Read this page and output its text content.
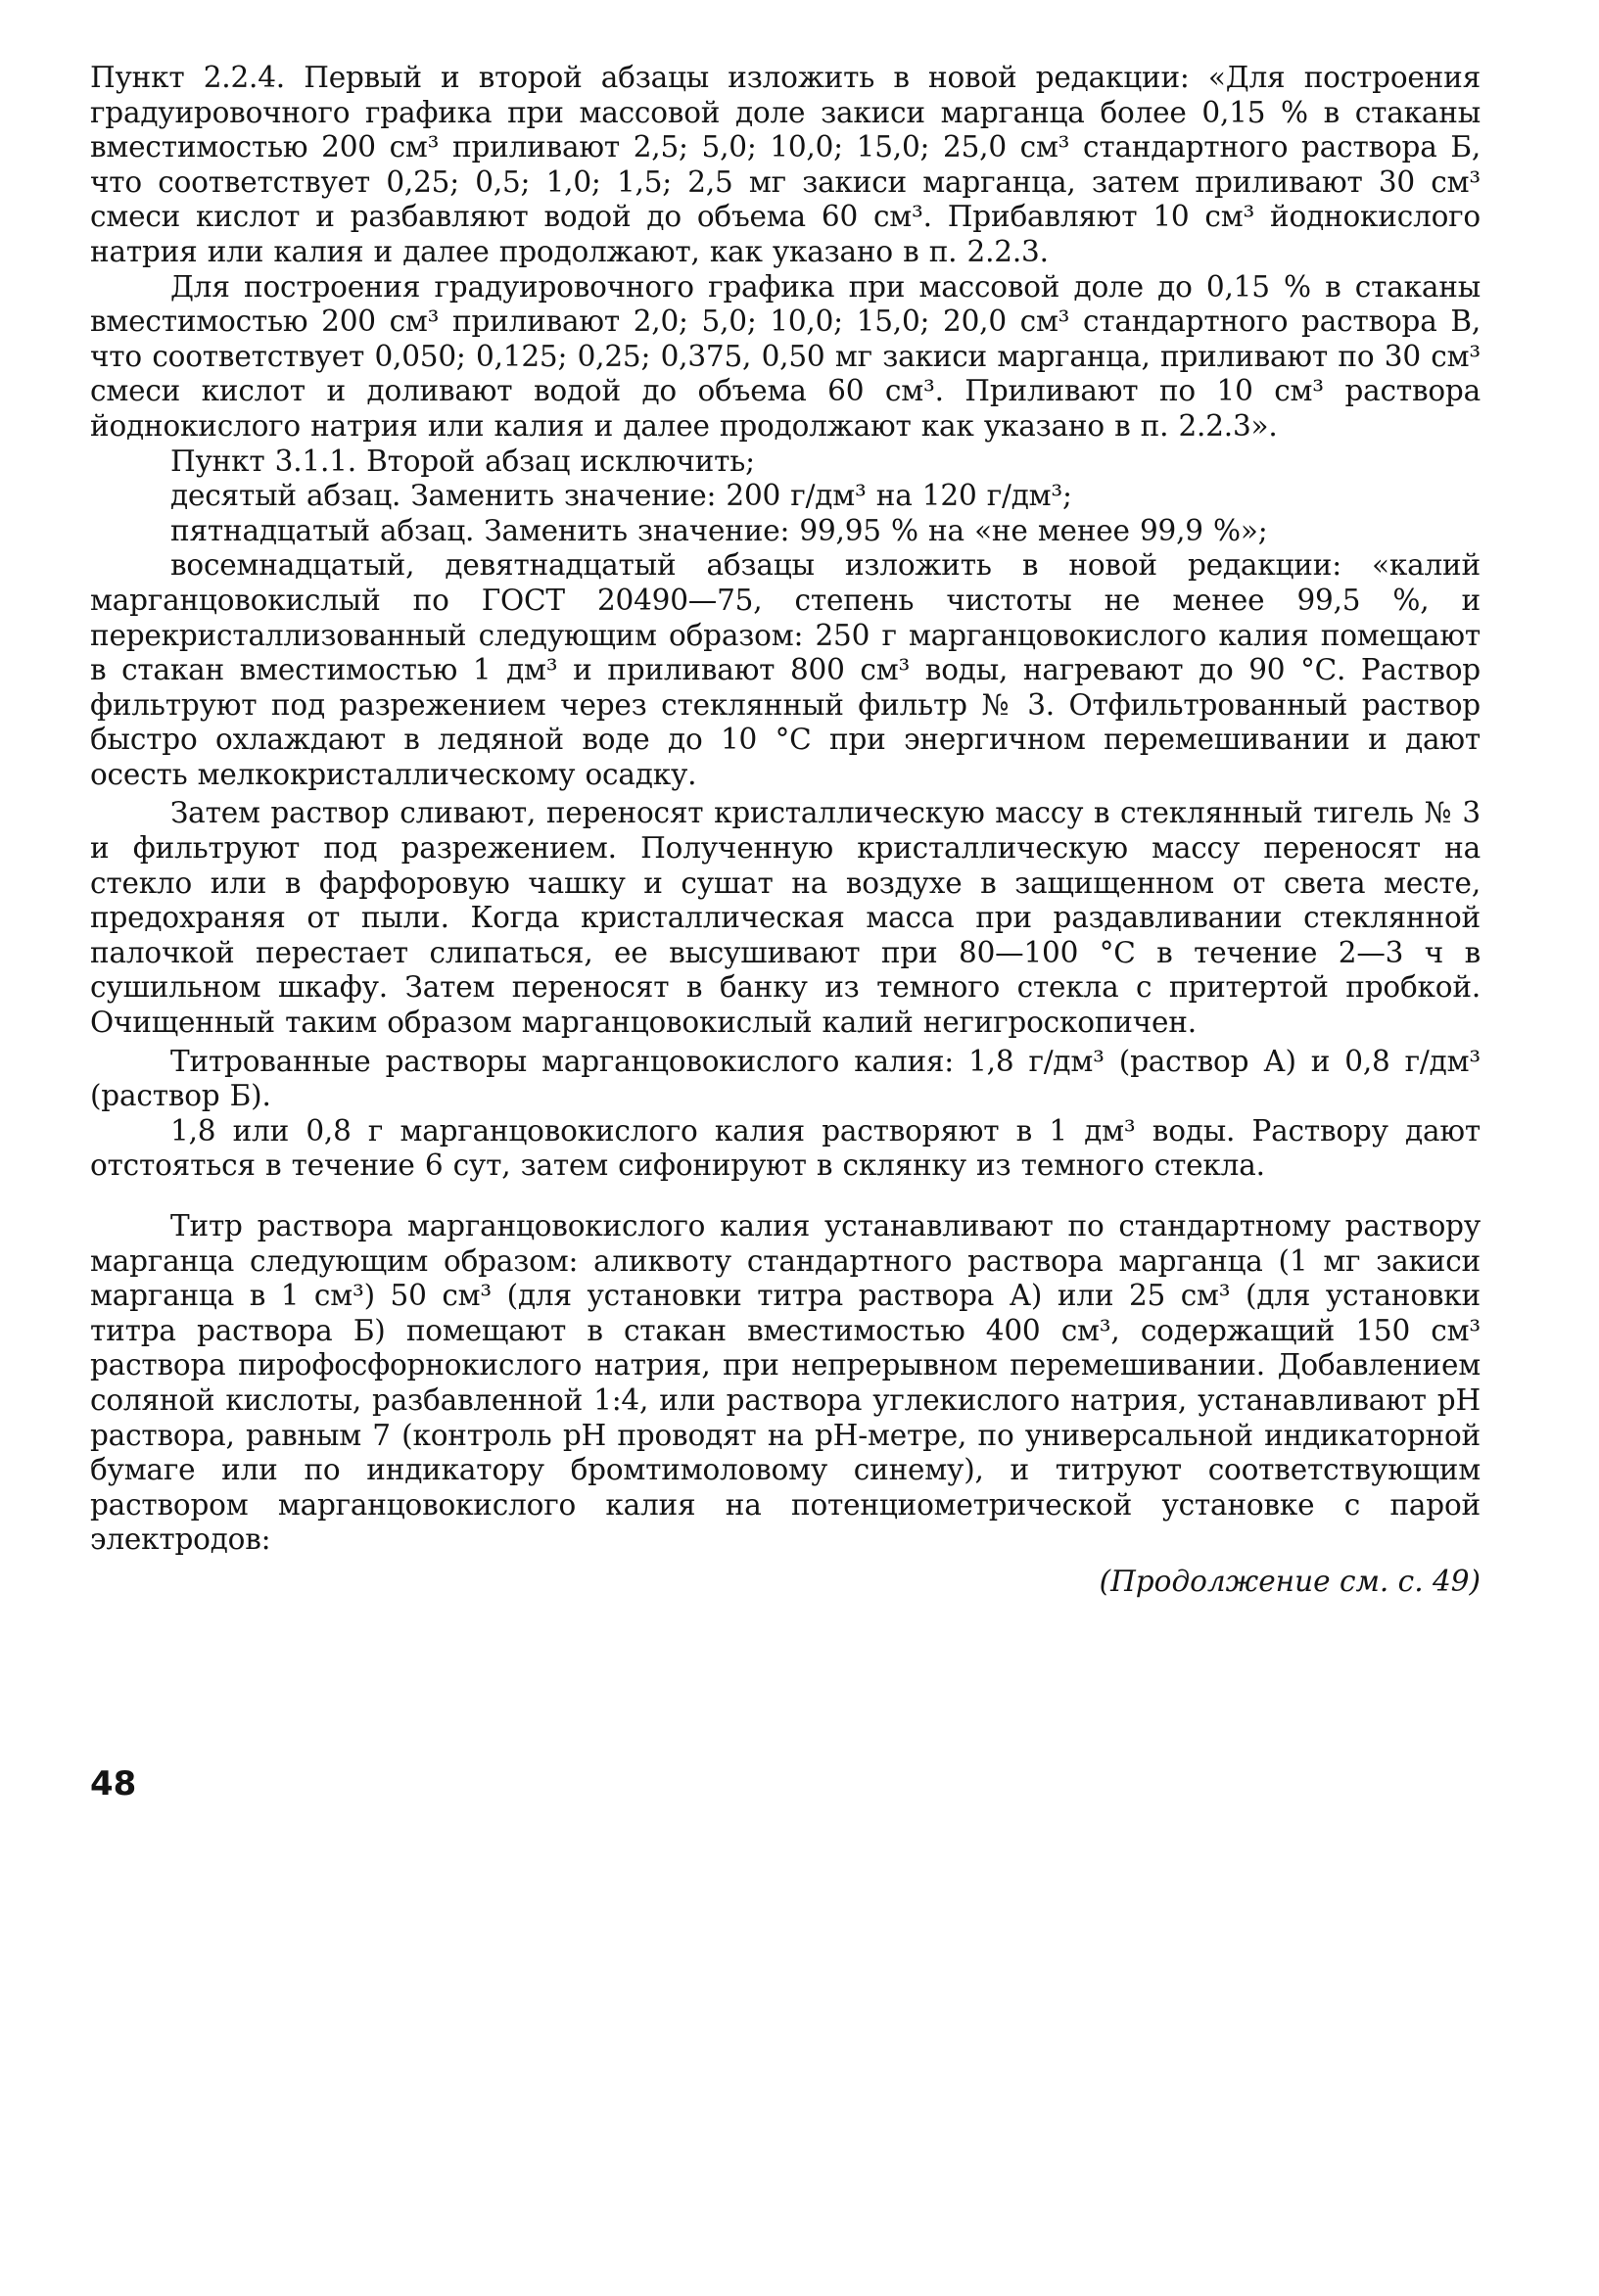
Пункт 2.2.4. Первый и второй абзацы изложить в новой редакции: «Для построения градуировочного графика при массовой доле закиси марганца более 0,15 % в стаканы вместимостью 200 см³ приливают 2,5; 5,0; 10,0; 15,0; 25,0 см³ стандартного раствора Б, что соответствует 0,25; 0,5; 1,0; 1,5; 2,5 мг закиси марганца, затем приливают 30 см³ смеси кислот и разбавляют водой до объема 60 см³. Прибавляют 10 см³ йоднокислого натрия или калия и далее продолжают, как указано в п. 2.2.3.

Для построения градуировочного графика при массовой доле до 0,15 % в стаканы вместимостью 200 см³ приливают 2,0; 5,0; 10,0; 15,0; 20,0 см³ стандартного раствора В, что соответствует 0,050; 0,125; 0,25; 0,375, 0,50 мг закиси марганца, приливают по 30 см³ смеси кислот и доливают водой до объема 60 см³. Приливают по 10 см³ раствора йоднокислого натрия или калия и далее продолжают как указано в п. 2.2.3».

Пункт 3.1.1. Второй абзац исключить;

десятый абзац. Заменить значение: 200 г/дм³ на 120 г/дм³;

пятнадцатый абзац. Заменить значение: 99,95 % на «не менее 99,9 %»;

восемнадцатый, девятнадцатый абзацы изложить в новой редакции: «калий марганцовокислый по ГОСТ 20490—75, степень чистоты не менее 99,5 %, и перекристаллизованный следующим образом: 250 г марганцовокислого калия помещают в стакан вместимостью 1 дм³ и приливают 800 см³ воды, нагревают до 90 °С. Раствор фильтруют под разрежением через стеклянный фильтр № 3. Отфильтрованный раствор быстро охлаждают в ледяной воде до 10 °С при энергичном перемешивании и дают осесть мелкокристаллическому осадку.

Затем раствор сливают, переносят кристаллическую массу в стеклянный тигель № 3 и фильтруют под разрежением. Полученную кристаллическую массу переносят на стекло или в фарфоровую чашку и сушат на воздухе в защищенном от света месте, предохраняя от пыли. Когда кристаллическая масса при раздавливании стеклянной палочкой перестает слипаться, ее высушивают при 80—100 °С в течение 2—3 ч в сушильном шкафу. Затем переносят в банку из темного стекла с притертой пробкой. Очищенный таким образом марганцовокислый калий негигроскопичен.

Титрованные растворы марганцовокислого калия: 1,8 г/дм³ (раствор А) и 0,8 г/дм³ (раствор Б).

1,8 или 0,8 г марганцовокислого калия растворяют в 1 дм³ воды. Раствору дают отстояться в течение 6 сут, затем сифонируют в склянку из темного стекла.

Титр раствора марганцовокислого калия устанавливают по стандартному раствору марганца следующим образом: аликвоту стандартного раствора марганца (1 мг закиси марганца в 1 см³) 50 см³ (для установки титра раствора А) или 25 см³ (для установки титра раствора Б) помещают в стакан вместимостью 400 см³, содержащий 150 см³ раствора пирофосфорнокислого натрия, при непрерывном перемешивании. Добавлением соляной кислоты, разбавленной 1:4, или раствора углекислого натрия, устанавливают рН раствора, равным 7 (контроль рН проводят на рН-метре, по универсальной индикаторной бумаге или по индикатору бромтимоловому синему), и титруют соответствующим раствором марганцовокислого калия на потенциометрической установке с парой электродов:

(Продолжение см. с. 49)

48
